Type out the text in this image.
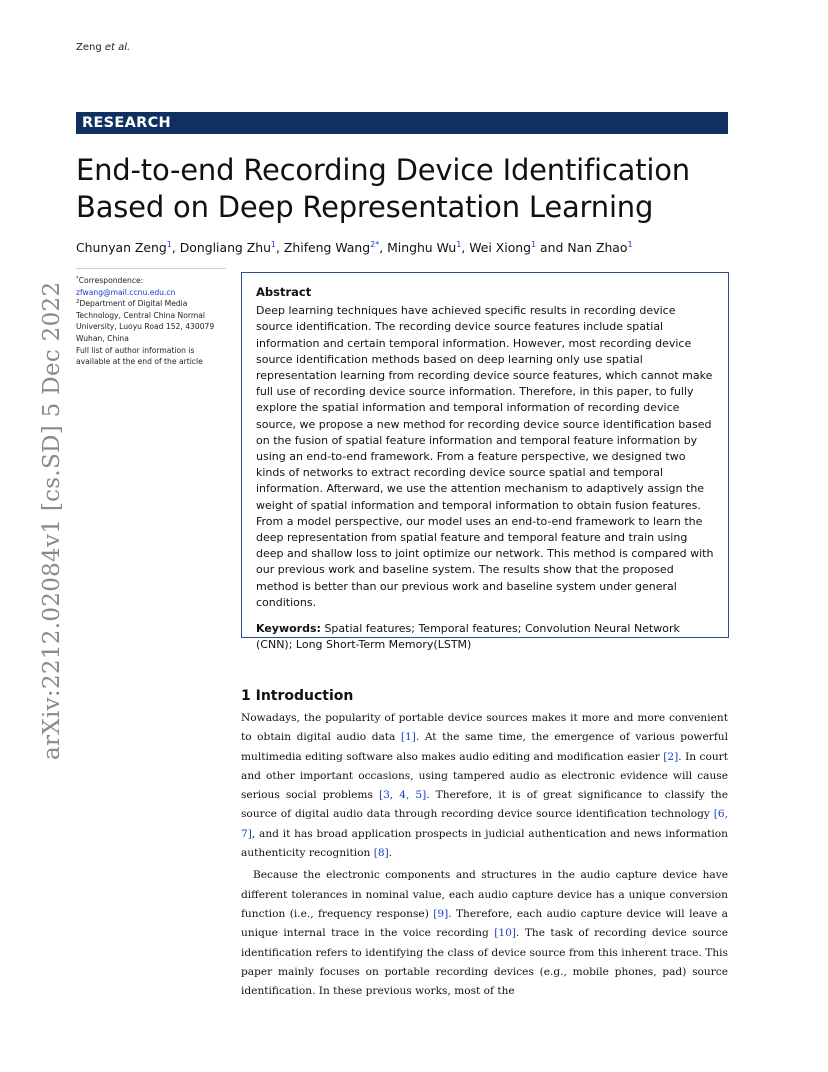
Zeng et al.
RESEARCH
End-to-end Recording Device Identification Based on Deep Representation Learning
Chunyan Zeng$^1$, Dongliang Zhu$^1$, Zhifeng Wang$^{2*}$, Minghu Wu$^1$, Wei Xiong$^1$ and Nan Zhao$^1$
*Correspondence:
zfwang@mail.ccnu.edu.cn
$^2$Department of Digital Media Technology, Central China Normal University, Luoyu Road 152, 430079 Wuhan, China
Full list of author information is available at the end of the article
Abstract

Deep learning techniques have achieved specific results in recording device source identification. The recording device source features include spatial information and certain temporal information. However, most recording device source identification methods based on deep learning only use spatial representation learning from recording device source features, which cannot make full use of recording device source information. Therefore, in this paper, to fully explore the spatial information and temporal information of recording device source, we propose a new method for recording device source identification based on the fusion of spatial feature information and temporal feature information by using an end-to-end framework. From a feature perspective, we designed two kinds of networks to extract recording device source spatial and temporal information. Afterward, we use the attention mechanism to adaptively assign the weight of spatial information and temporal information to obtain fusion features. From a model perspective, our model uses an end-to-end framework to learn the deep representation from spatial feature and temporal feature and train using deep and shallow loss to joint optimize our network. This method is compared with our previous work and baseline system. The results show that the proposed method is better than our previous work and baseline system under general conditions.

Keywords: Spatial features; Temporal features; Convolution Neural Network (CNN); Long Short-Term Memory(LSTM)

1 Introduction

Nowadays, the popularity of portable device sources makes it more and more convenient to obtain digital audio data [1]. At the same time, the emergence of various powerful multimedia editing software also makes audio editing and modification easier [2]. In court and other important occasions, using tampered audio as electronic evidence will cause serious social problems [3, 4, 5]. Therefore, it is of great significance to classify the source of digital audio data through recording device source identification technology [6, 7], and it has broad application prospects in judicial authentication and news information authenticity recognition [8].

Because the electronic components and structures in the audio capture device have different tolerances in nominal value, each audio capture device has a unique conversion function (i.e., frequency response) [9]. Therefore, each audio capture device will leave a unique internal trace in the voice recording [10]. The task of recording device source identification refers to identifying the class of device source from this inherent trace. This paper mainly focuses on portable recording devices (e.g., mobile phones, pad) source identification. In these previous works, most of the

arXiv:2212.02084v1 [cs.SD] 5 Dec 2022
